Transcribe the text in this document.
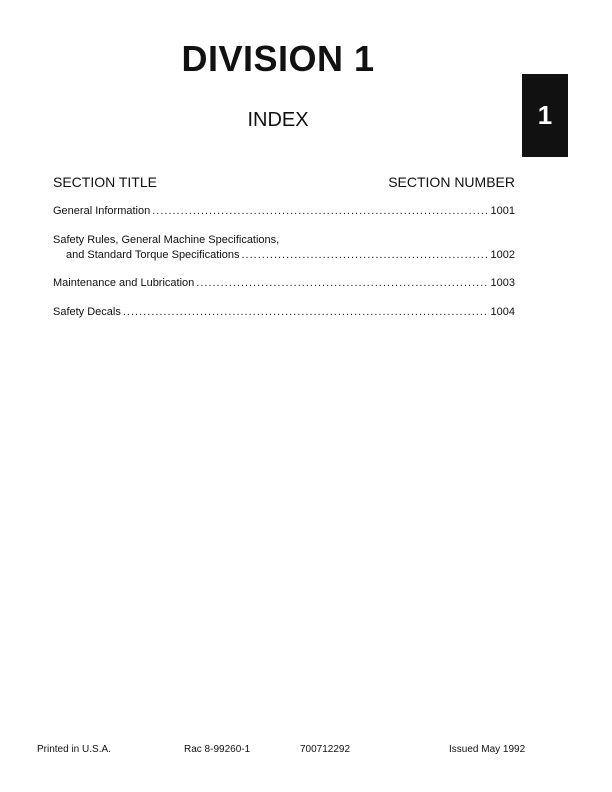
DIVISION 1
INDEX	1
SECTION TITLE	SECTION NUMBER
General Information .....	1001
Safety Rules, General Machine Specifications,
and Standard Torque Specifications .....	1002
Maintenance and Lubrication .....	1003
Safety Decals .....	1004
Printed in U.S.A.	Rac 8-99260-1	700712292	Issued May 1992
